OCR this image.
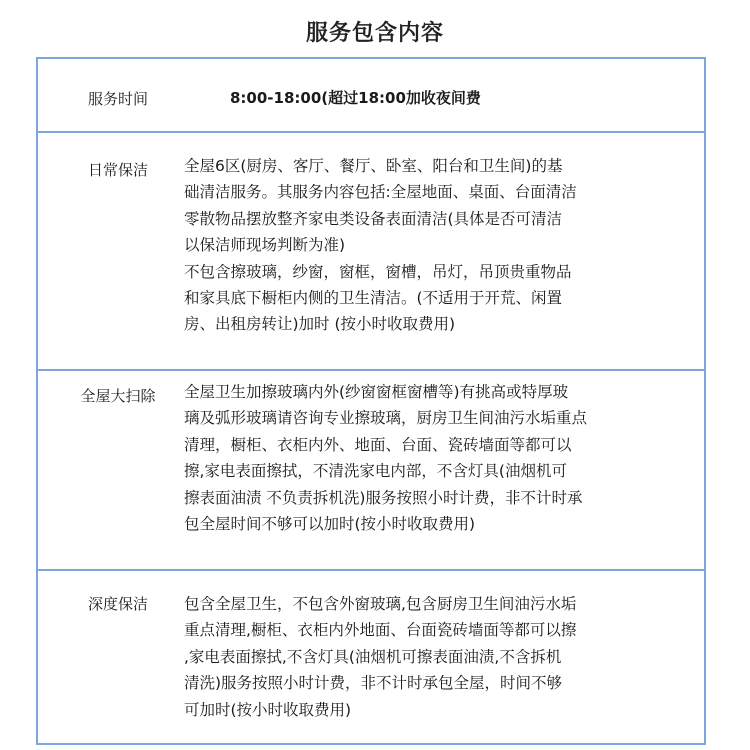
服务包含内容
服务时间	8:00-18:00(超过18:00加收夜间费
日常保洁	全屋6区(厨房、客厅、餐厅、卧室、阳台和卫生间)的基
础清洁服务。其服务内容包括:全屋地面、桌面、台面清洁
零散物品摆放整齐家电类设备表面清洁(具体是否可清洁
以保洁师现场判断为准)
不包含擦玻璃，纱窗，窗框，窗槽，吊灯，吊顶贵重物品
和家具底下橱柜内侧的卫生清洁。(不适用于开荒、闲置
房、出租房转让)加时 (按小时收取费用)
全屋大扫除	全屋卫生加擦玻璃内外(纱窗窗框窗槽等)有挑高或特厚玻
璃及弧形玻璃请咨询专业擦玻璃，厨房卫生间油污水垢重点
清理，橱柜、衣柜内外、地面、台面、瓷砖墙面等都可以
擦,家电表面擦拭，不清洗家电内部，不含灯具(油烟机可
擦表面油渍 不负责拆机洗)服务按照小时计费，非不计时承
包全屋时间不够可以加时(按小时收取费用)
深度保洁	包含全屋卫生，不包含外窗玻璃,包含厨房卫生间油污水垢
重点清理,橱柜、衣柜内外地面、台面瓷砖墙面等都可以擦
,家电表面擦拭,不含灯具(油烟机可擦表面油渍,不含拆机
清洗)服务按照小时计费，非不计时承包全屋，时间不够
可加时(按小时收取费用)
